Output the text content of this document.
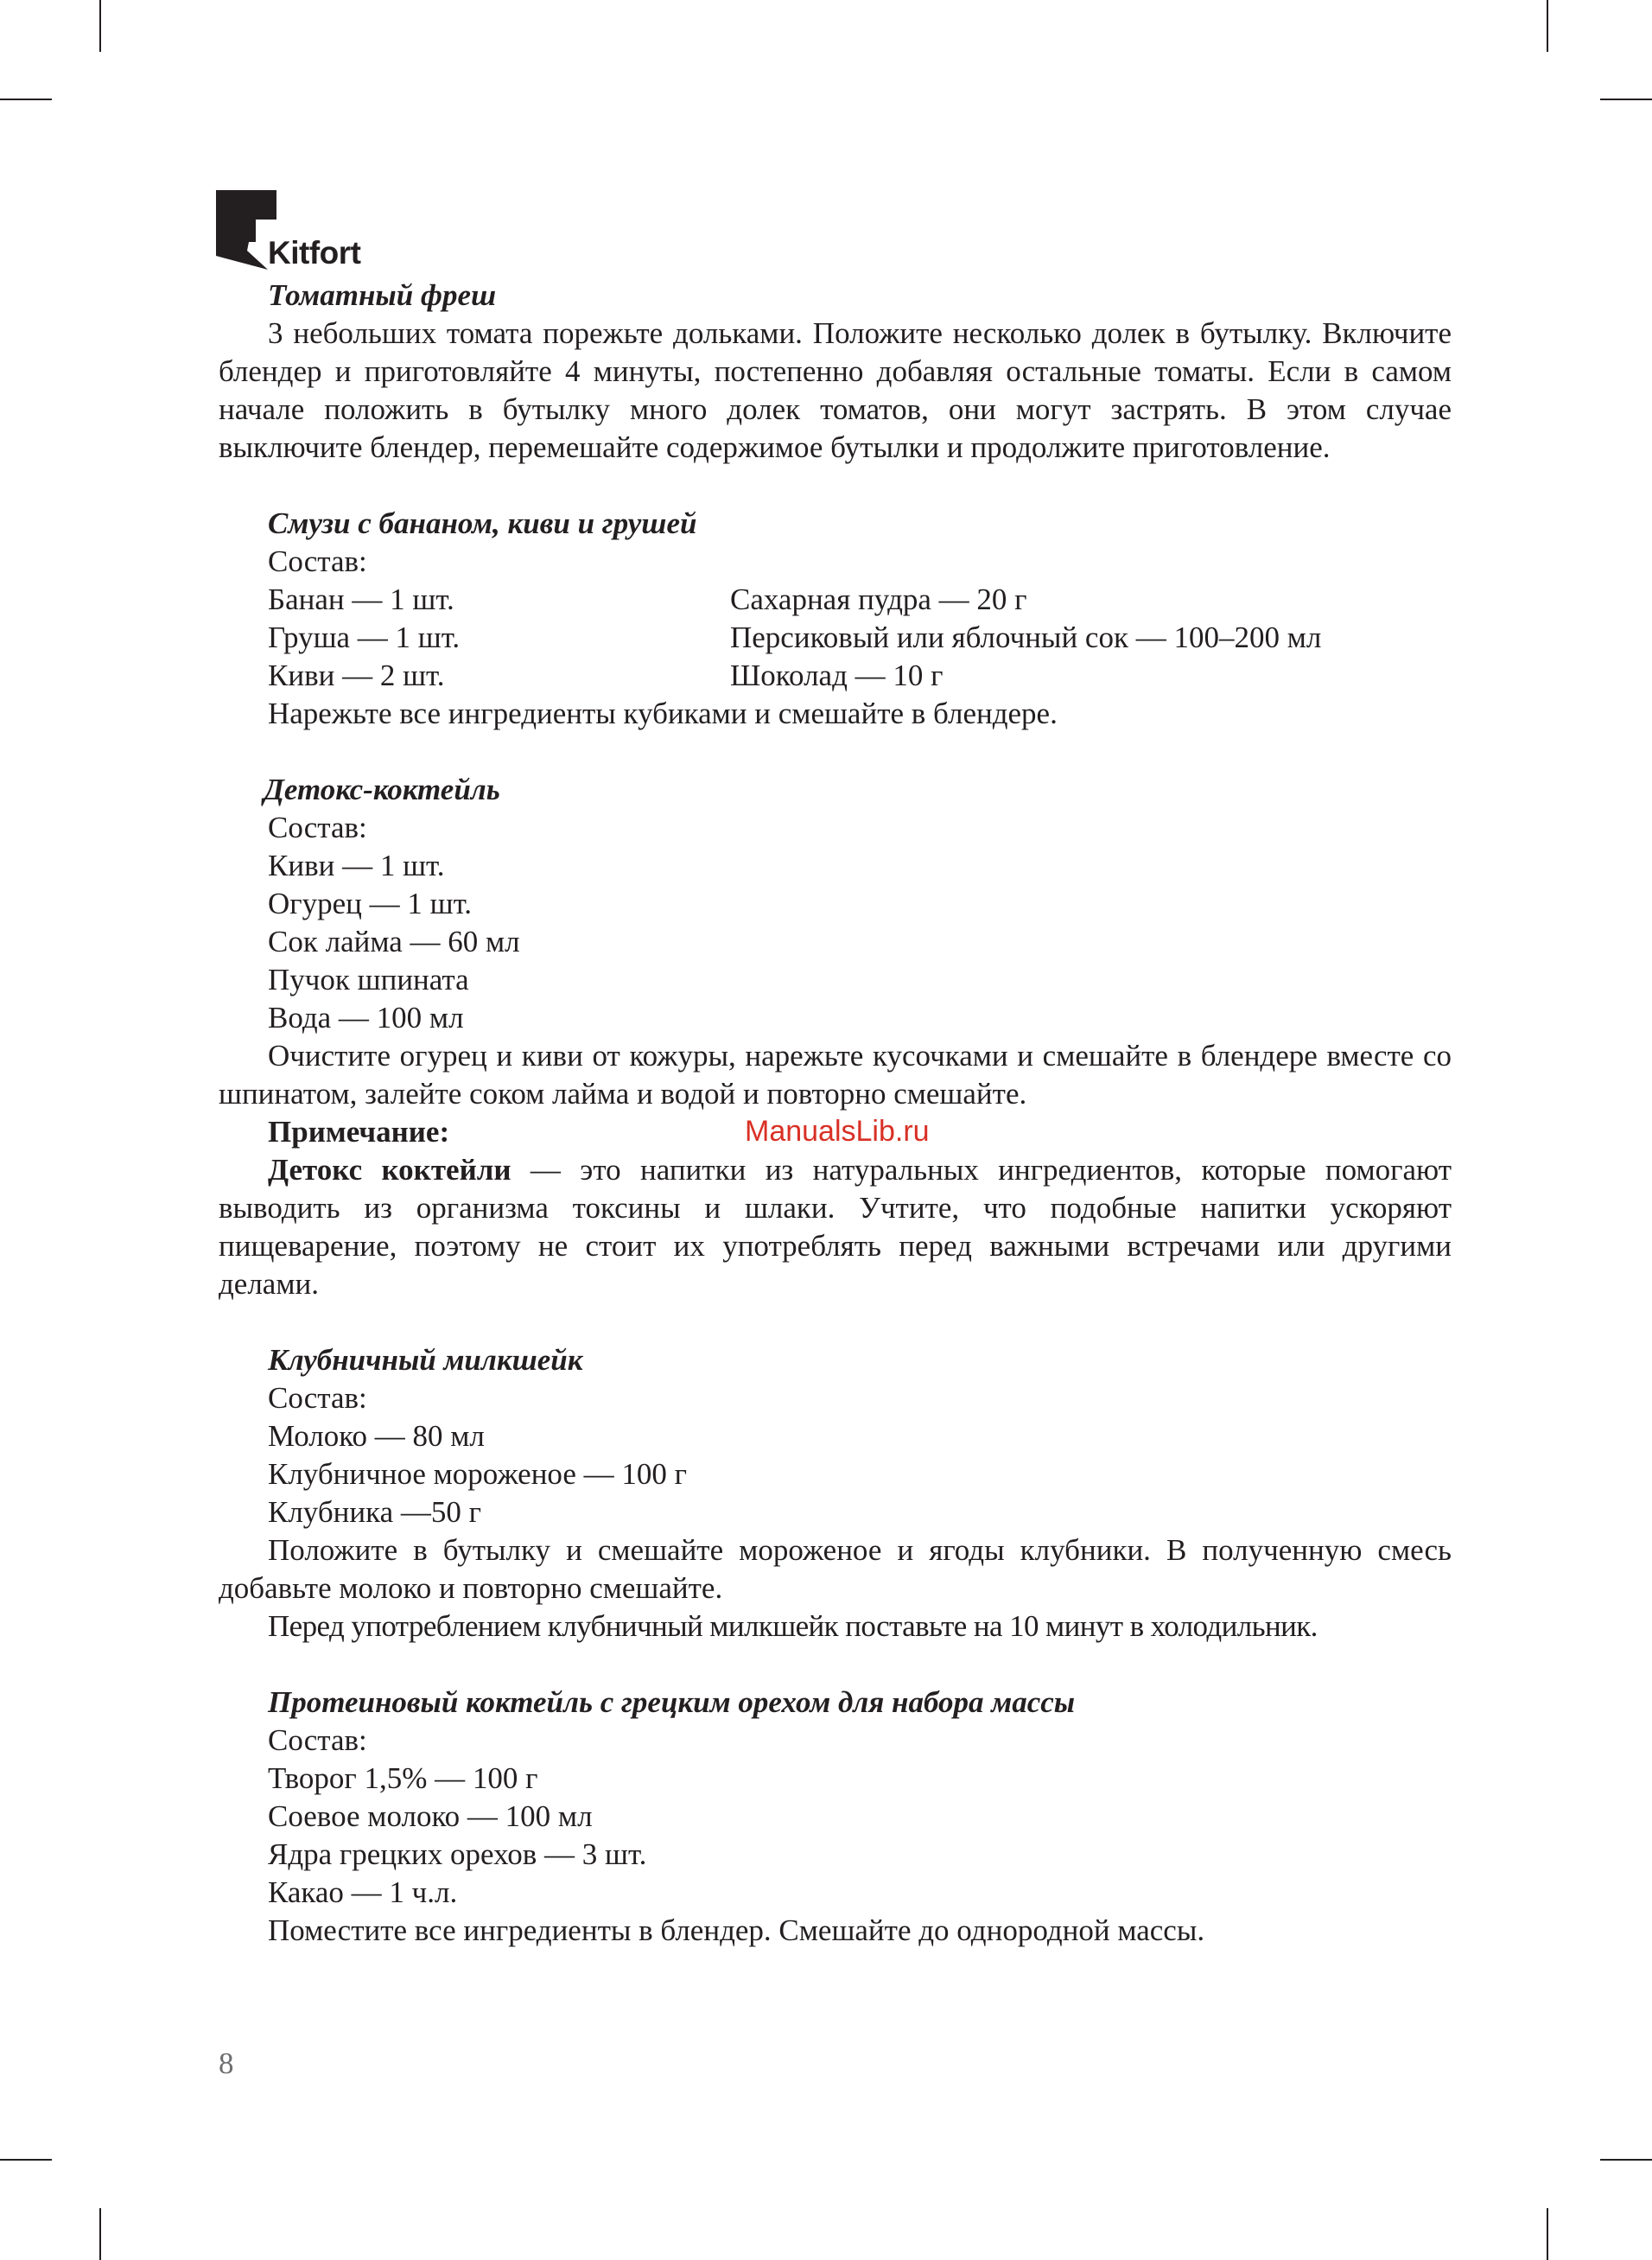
Kitfort

Томатный фреш

3 небольших томата порежьте дольками. Положите несколько долек в бутылку. Включите блендер и приготовляйте 4 минуты, постепенно добавляя остальные томаты. Если в самом начале положить в бутылку много долек томатов, они могут застрять. В этом случае выключите блендер, перемешайте содержимое бутылки и продолжите приготовление.

Смузи с бананом, киви и грушей

Состав:

Банан — 1 шт.	Сахарная пудра — 20 г
Груша — 1 шт.	Персиковый или яблочный сок — 100–200 мл
Киви — 2 шт.	Шоколад — 10 г

Нарежьте все ингредиенты кубиками и смешайте в блендере.

Детокс-коктейль

Состав:

Киви — 1 шт.

Огурец — 1 шт.

Сок лайма — 60 мл

Пучок шпината

Вода — 100 мл

Очистите огурец и киви от кожуры, нарежьте кусочками и смешайте в блендере вместе со шпинатом, залейте соком лайма и водой и повторно смешайте.

Примечание:

Детокс коктейли — это напитки из натуральных ингредиентов, которые помогают выводить из организма токсины и шлаки. Учтите, что подобные напитки ускоряют пищеварение, поэтому не стоит их употреблять перед важными встречами или другими делами.

Клубничный милкшейк

Состав:

Молоко — 80 мл

Клубничное мороженое — 100 г

Клубника —50 г

Положите в бутылку и смешайте мороженое и ягоды клубники. В полученную смесь добавьте молоко и повторно смешайте.

Перед употреблением клубничный милкшейк поставьте на 10 минут в холодильник.

Протеиновый коктейль с грецким орехом для набора массы

Состав:

Творог 1,5% — 100 г

Соевое молоко — 100 мл

Ядра грецких орехов — 3 шт.

Какао — 1 ч.л.

Поместите все ингредиенты в блендер. Смешайте до однородной массы.

ManualsLib.ru
8
